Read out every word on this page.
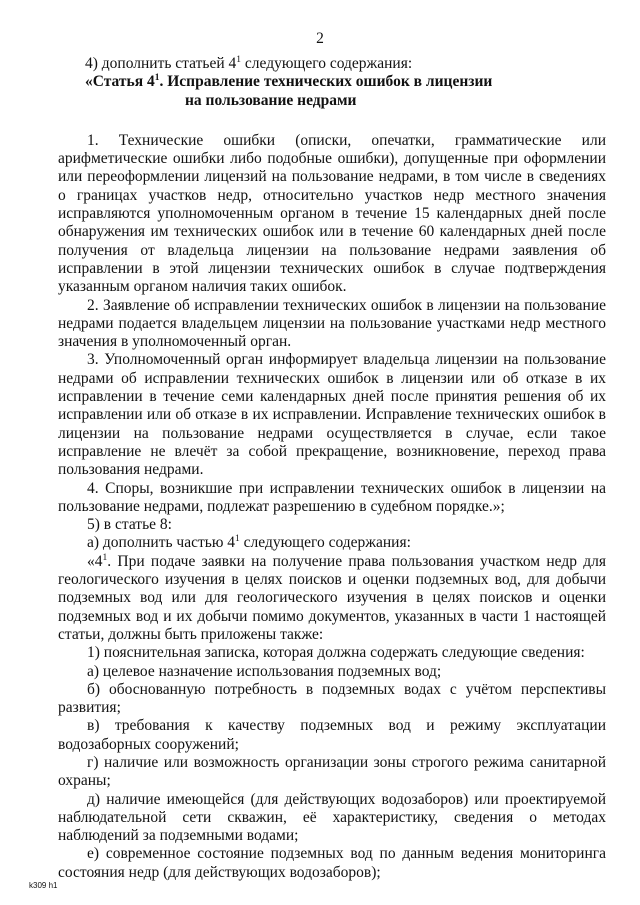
2

4) дополнить статьей $4^1$ следующего содержания:

«Статья $4^1$. Исправление технических ошибок в лицензии
на пользование недрами

1. Технические ошибки (описки, опечатки, грамматические или арифметические ошибки либо подобные ошибки), допущенные при оформлении или переоформлении лицензий на пользование недрами, в том числе в сведениях о границах участков недр, относительно участков недр местного значения исправляются уполномоченным органом в течение 15 календарных дней после обнаружения им технических ошибок или в течение 60 календарных дней после получения от владельца лицензии на пользование недрами заявления об исправлении в этой лицензии технических ошибок в случае подтверждения указанным органом наличия таких ошибок.

2. Заявление об исправлении технических ошибок в лицензии на пользование недрами подается владельцем лицензии на пользование участками недр местного значения в уполномоченный орган.

3. Уполномоченный орган информирует владельца лицензии на пользование недрами об исправлении технических ошибок в лицензии или об отказе в их исправлении в течение семи календарных дней после принятия решения об их исправлении или об отказе в их исправлении. Исправление технических ошибок в лицензии на пользование недрами осуществляется в случае, если такое исправление не влечёт за собой прекращение, возникновение, переход права пользования недрами.

4. Споры, возникшие при исправлении технических ошибок в лицензии на пользование недрами, подлежат разрешению в судебном порядке.»;

5) в статье 8:

а) дополнить частью $4^1$ следующего содержания:

«$4^1$. При подаче заявки на получение права пользования участком недр для геологического изучения в целях поисков и оценки подземных вод, для добычи подземных вод или для геологического изучения в целях поисков и оценки подземных вод и их добычи помимо документов, указанных в части 1 настоящей статьи, должны быть приложены также:

1) пояснительная записка, которая должна содержать следующие сведения:

а) целевое назначение использования подземных вод;

б) обоснованную потребность в подземных водах с учётом перспективы развития;

в) требования к качеству подземных вод и режиму эксплуатации водозаборных сооружений;

г) наличие или возможность организации зоны строгого режима санитарной охраны;

д) наличие имеющейся (для действующих водозаборов) или проектируемой наблюдательной сети скважин, её характеристику, сведения о методах наблюдений за подземными водами;

е) современное состояние подземных вод по данным ведения мониторинга состояния недр (для действующих водозаборов);

k309 h1
